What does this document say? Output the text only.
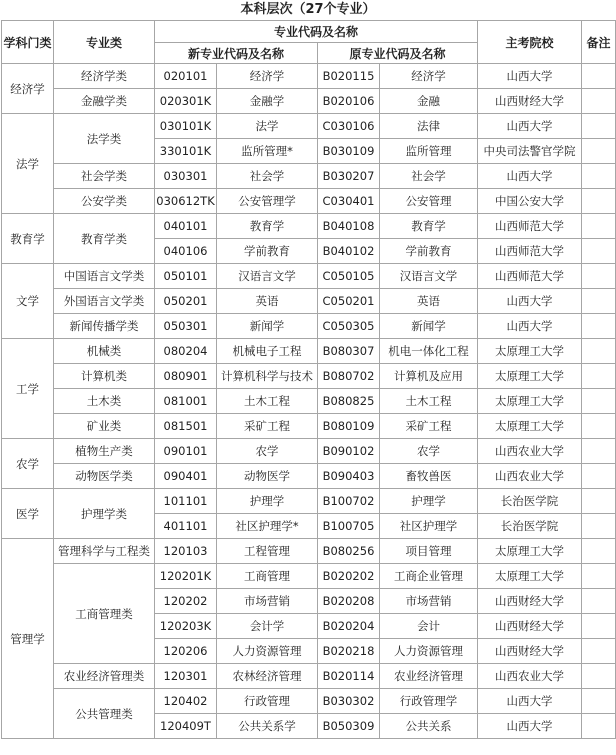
本科层次（27个专业）
学科门类	专业类	专业代码及名称				主考院校	备注
		新专业代码及名称		原专业代码及名称			
经济学	经济学类	020101	经济学	B020115	经济学	山西大学	
	金融学类	020301K	金融学	B020106	金融	山西财经大学	
法学	法学类	030101K	法学	C030106	法律	山西大学	
		330101K	监所管理*	B030109	监所管理	中央司法警官学院	
	社会学类	030301	社会学	B030207	社会学	山西大学	
	公安学类	030612TK	公安管理学	C030401	公安管理	中国公安大学	
教育学	教育学类	040101	教育学	B040108	教育学	山西师范大学	
		040106	学前教育	B040102	学前教育	山西师范大学	
文学	中国语言文学类	050101	汉语言文学	C050105	汉语言文学	山西师范大学	
	外国语言文学类	050201	英语	C050201	英语	山西大学	
	新闻传播学类	050301	新闻学	C050305	新闻学	山西大学	
工学	机械类	080204	机械电子工程	B080307	机电一体化工程	太原理工大学	
	计算机类	080901	计算机科学与技术	B080702	计算机及应用	太原理工大学	
	土木类	081001	土木工程	B080825	土木工程	太原理工大学	
	矿业类	081501	采矿工程	B080109	采矿工程	太原理工大学	
农学	植物生产类	090101	农学	B090102	农学	山西农业大学	
	动物医学类	090401	动物医学	B090403	畜牧兽医	山西农业大学	
医学	护理学类	101101	护理学	B100702	护理学	长治医学院	
		401101	社区护理学*	B100705	社区护理学	长治医学院	
管理学	管理科学与工程类	120103	工程管理	B080256	项目管理	太原理工大学	
	工商管理类	120201K	工商管理	B020202	工商企业管理	太原理工大学	
		120202	市场营销	B020208	市场营销	山西财经大学	
		120203K	会计学	B020204	会计	山西财经大学	
		120206	人力资源管理	B020218	人力资源管理	山西财经大学	
	农业经济管理类	120301	农林经济管理	B020114	农业经济管理	山西农业大学	
	公共管理类	120402	行政管理	B030302	行政管理学	山西大学	
		120409T	公共关系学	B050309	公共关系	山西大学	
